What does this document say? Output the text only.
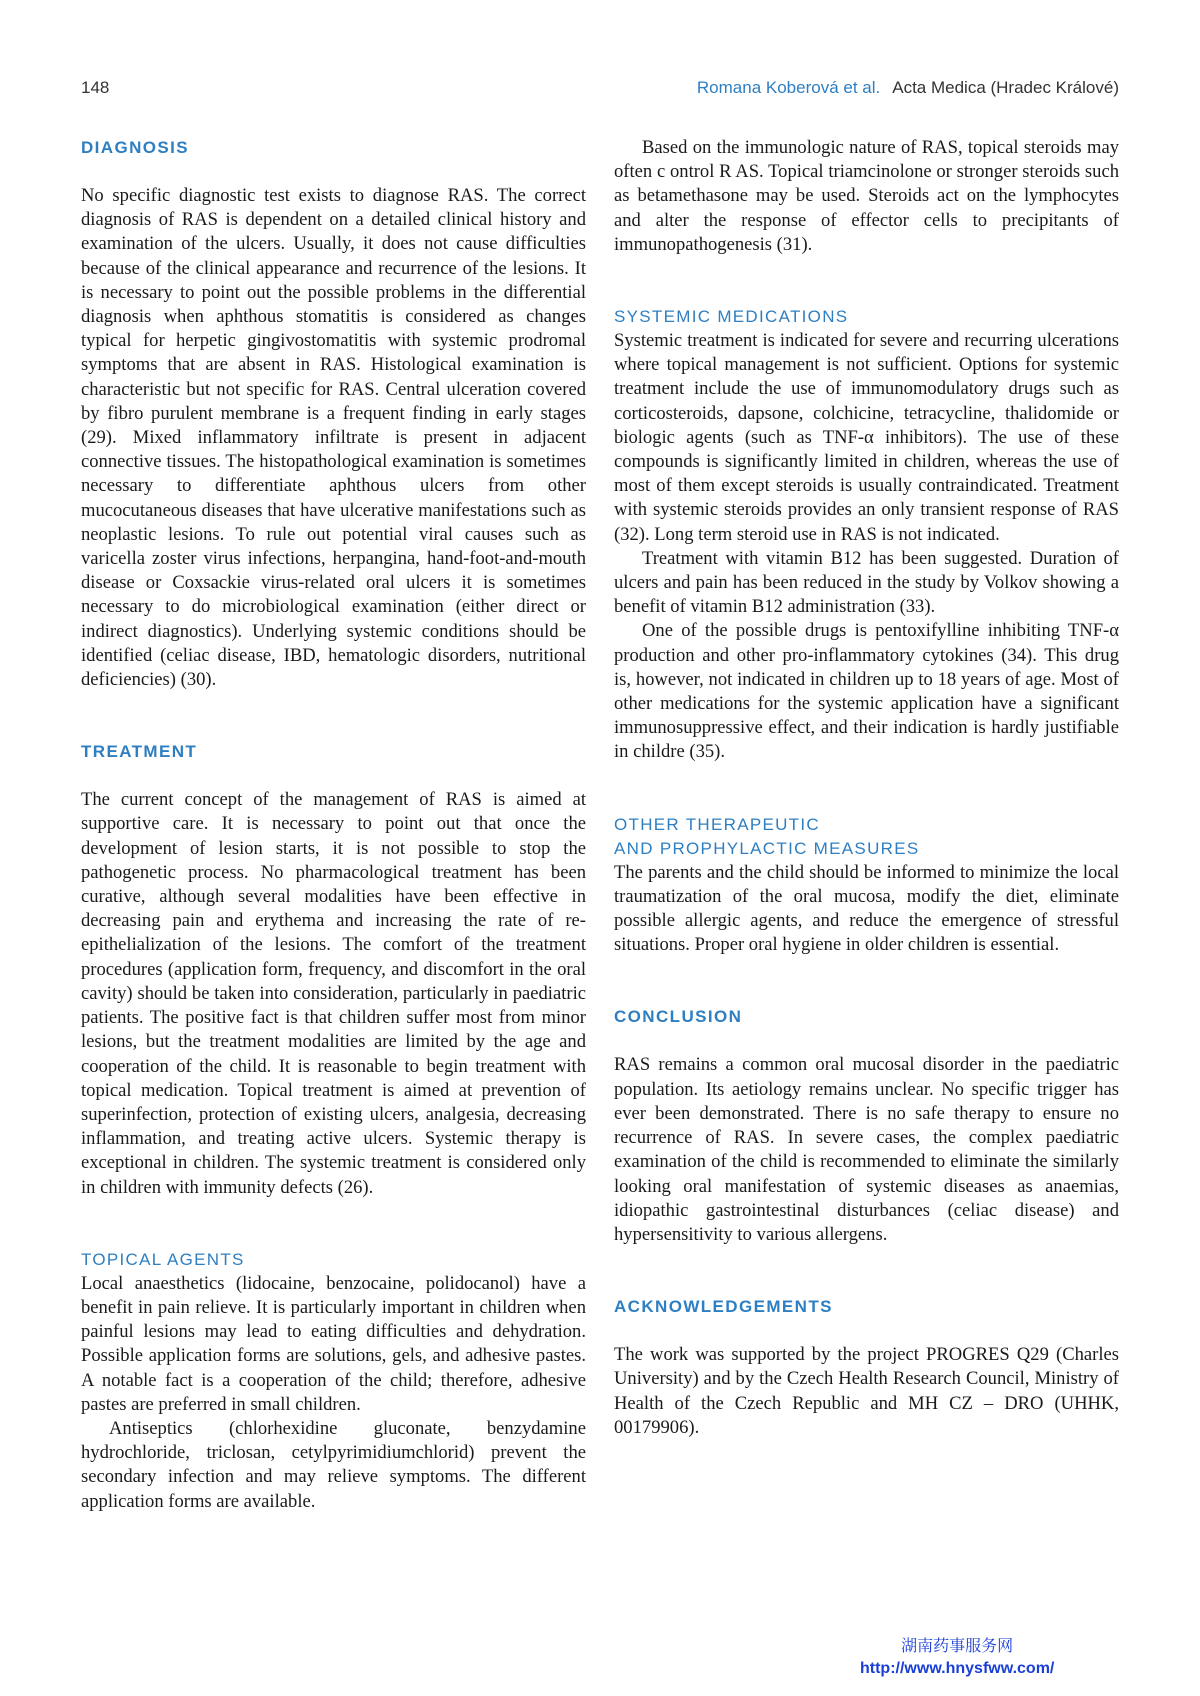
148	Romana Koberová et al. Acta Medica (Hradec Králové)
DIAGNOSIS

No specific diagnostic test exists to diagnose RAS. The correct diagnosis of RAS is dependent on a detailed clinical history and examination of the ulcers. Usually, it does not cause difficulties because of the clinical appearance and recurrence of the lesions. It is necessary to point out the possible problems in the differential diagnosis when aphthous stomatitis is considered as changes typical for herpetic gingivostomatitis with systemic prodromal symptoms that are absent in RAS. Histological examination is characteristic but not specific for RAS. Central ulceration covered by fibro purulent membrane is a frequent finding in early stages (29). Mixed inflammatory infiltrate is present in adjacent connective tissues. The histopathological examination is sometimes necessary to differentiate aphthous ulcers from other mucocutaneous diseases that have ulcerative manifestations such as neoplastic lesions. To rule out potential viral causes such as varicella zoster virus infections, herpangina, hand-foot-and-mouth disease or Coxsackie virus-related oral ulcers it is sometimes necessary to do microbiological examination (either direct or indirect diagnostics). Underlying systemic conditions should be identified (celiac disease, IBD, hematologic disorders, nutritional deficiencies) (30).

TREATMENT

The current concept of the management of RAS is aimed at supportive care. It is necessary to point out that once the development of lesion starts, it is not possible to stop the pathogenetic process. No pharmacological treatment has been curative, although several modalities have been effective in decreasing pain and erythema and increasing the rate of re-epithelialization of the lesions. The comfort of the treatment procedures (application form, frequency, and discomfort in the oral cavity) should be taken into consideration, particularly in paediatric patients. The positive fact is that children suffer most from minor lesions, but the treatment modalities are limited by the age and cooperation of the child. It is reasonable to begin treatment with topical medication. Topical treatment is aimed at prevention of superinfection, protection of existing ulcers, analgesia, decreasing inflammation, and treating active ulcers. Systemic therapy is exceptional in children. The systemic treatment is considered only in children with immunity defects (26).

TOPICAL AGENTS

Local anaesthetics (lidocaine, benzocaine, polidocanol) have a benefit in pain relieve. It is particularly important in children when painful lesions may lead to eating difficulties and dehydration. Possible application forms are solutions, gels, and adhesive pastes. A notable fact is a cooperation of the child; therefore, adhesive pastes are preferred in small children.

Antiseptics (chlorhexidine gluconate, benzydamine hydrochloride, triclosan, cetylpyrimidiumchlorid) prevent the secondary infection and may relieve symptoms. The different application forms are available.

Based on the immunologic nature of RAS, topical steroids may often c ontrol R AS. Topical triamcinolone or stronger steroids such as betamethasone may be used. Steroids act on the lymphocytes and alter the response of effector cells to precipitants of immunopathogenesis (31).

SYSTEMIC MEDICATIONS

Systemic treatment is indicated for severe and recurring ulcerations where topical management is not sufficient. Options for systemic treatment include the use of immunomodulatory drugs such as corticosteroids, dapsone, colchicine, tetracycline, thalidomide or biologic agents (such as TNF-α inhibitors). The use of these compounds is significantly limited in children, whereas the use of most of them except steroids is usually contraindicated. Treatment with systemic steroids provides an only transient response of RAS (32). Long term steroid use in RAS is not indicated.

Treatment with vitamin B12 has been suggested. Duration of ulcers and pain has been reduced in the study by Volkov showing a benefit of vitamin B12 administration (33).

One of the possible drugs is pentoxifylline inhibiting TNF-α production and other pro-inflammatory cytokines (34). This drug is, however, not indicated in children up to 18 years of age. Most of other medications for the systemic application have a significant immunosuppressive effect, and their indication is hardly justifiable in childre (35).

OTHER THERAPEUTIC
AND PROPHYLACTIC MEASURES

The parents and the child should be informed to minimize the local traumatization of the oral mucosa, modify the diet, eliminate possible allergic agents, and reduce the emergence of stressful situations. Proper oral hygiene in older children is essential.

CONCLUSION

RAS remains a common oral mucosal disorder in the paediatric population. Its aetiology remains unclear. No specific trigger has ever been demonstrated. There is no safe therapy to ensure no recurrence of RAS. In severe cases, the complex paediatric examination of the child is recommended to eliminate the similarly looking oral manifestation of systemic diseases as anaemias, idiopathic gastrointestinal disturbances (celiac disease) and hypersensitivity to various allergens.

ACKNOWLEDGEMENTS

The work was supported by the project PROGRES Q29 (Charles University) and by the Czech Health Research Council, Ministry of Health of the Czech Republic and MH CZ – DRO (UHHK, 00179906).

湖南药事服务网
http://www.hnysfww.com/
